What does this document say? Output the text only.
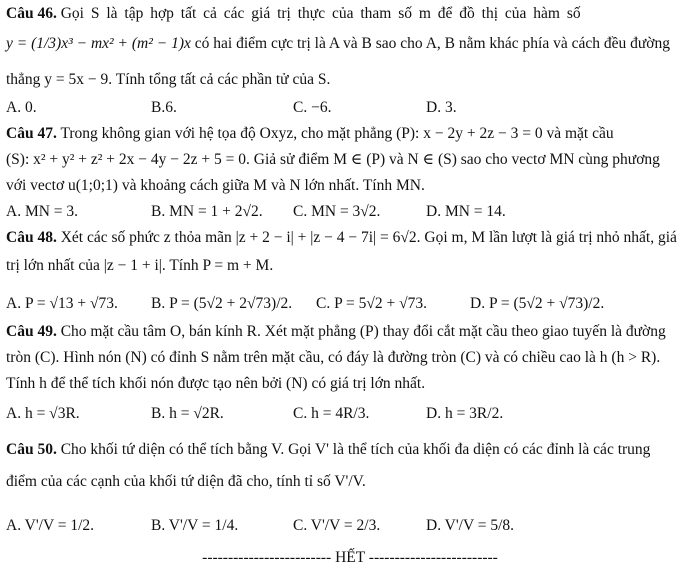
Câu 46. Gọi S là tập hợp tất cả các giá trị thực của tham số m để đồ thị của hàm số
y = (1/3)x³ − mx² + (m² − 1)x có hai điểm cực trị là A và B sao cho A, B nằm khác phía và cách đều đường
thẳng y = 5x − 9. Tính tổng tất cả các phần tử của S.
A. 0.	B.6.	C. −6.	D. 3.
Câu 47. Trong không gian với hệ tọa độ Oxyz, cho mặt phẳng (P): x − 2y + 2z − 3 = 0 và mặt cầu
(S): x² + y² + z² + 2x − 4y − 2z + 5 = 0. Giả sử điểm M ∈ (P) và N ∈ (S) sao cho vectơ MN cùng phương
với vectơ u(1;0;1) và khoảng cách giữa M và N lớn nhất. Tính MN.
A. MN = 3.	B. MN = 1 + 2√2. C. MN = 3√2.	D. MN = 14.
Câu 48. Xét các số phức z thỏa mãn |z + 2 − i| + |z − 4 − 7i| = 6√2. Gọi m, M lần lượt là giá trị nhỏ nhất, giá
trị lớn nhất của |z − 1 + i|. Tính P = m + M.
A. P = √13 + √73. B. P = (5√2 + 2√73)/2. C. P = 5√2 + √73.	D. P = (5√2 + √73)/2.
Câu 49. Cho mặt cầu tâm O, bán kính R. Xét mặt phẳng (P) thay đổi cắt mặt cầu theo giao tuyến là đường
tròn (C). Hình nón (N) có đỉnh S nằm trên mặt cầu, có đáy là đường tròn (C) và có chiều cao là h (h > R).
Tính h để thể tích khối nón được tạo nên bởi (N) có giá trị lớn nhất.
A. h = √3R.	B. h = √2R.	C. h = 4R/3.	D. h = 3R/2.
Câu 50. Cho khối tứ diện có thể tích bằng V. Gọi V' là thể tích của khối đa diện có các đỉnh là các trung
điểm của các cạnh của khối tứ diện đã cho, tính tỉ số V'/V.
A. V'/V = 1/2.	B. V'/V = 1/4.	C. V'/V = 2/3.	D. V'/V = 5/8.
------------------------- HẾT -------------------------
